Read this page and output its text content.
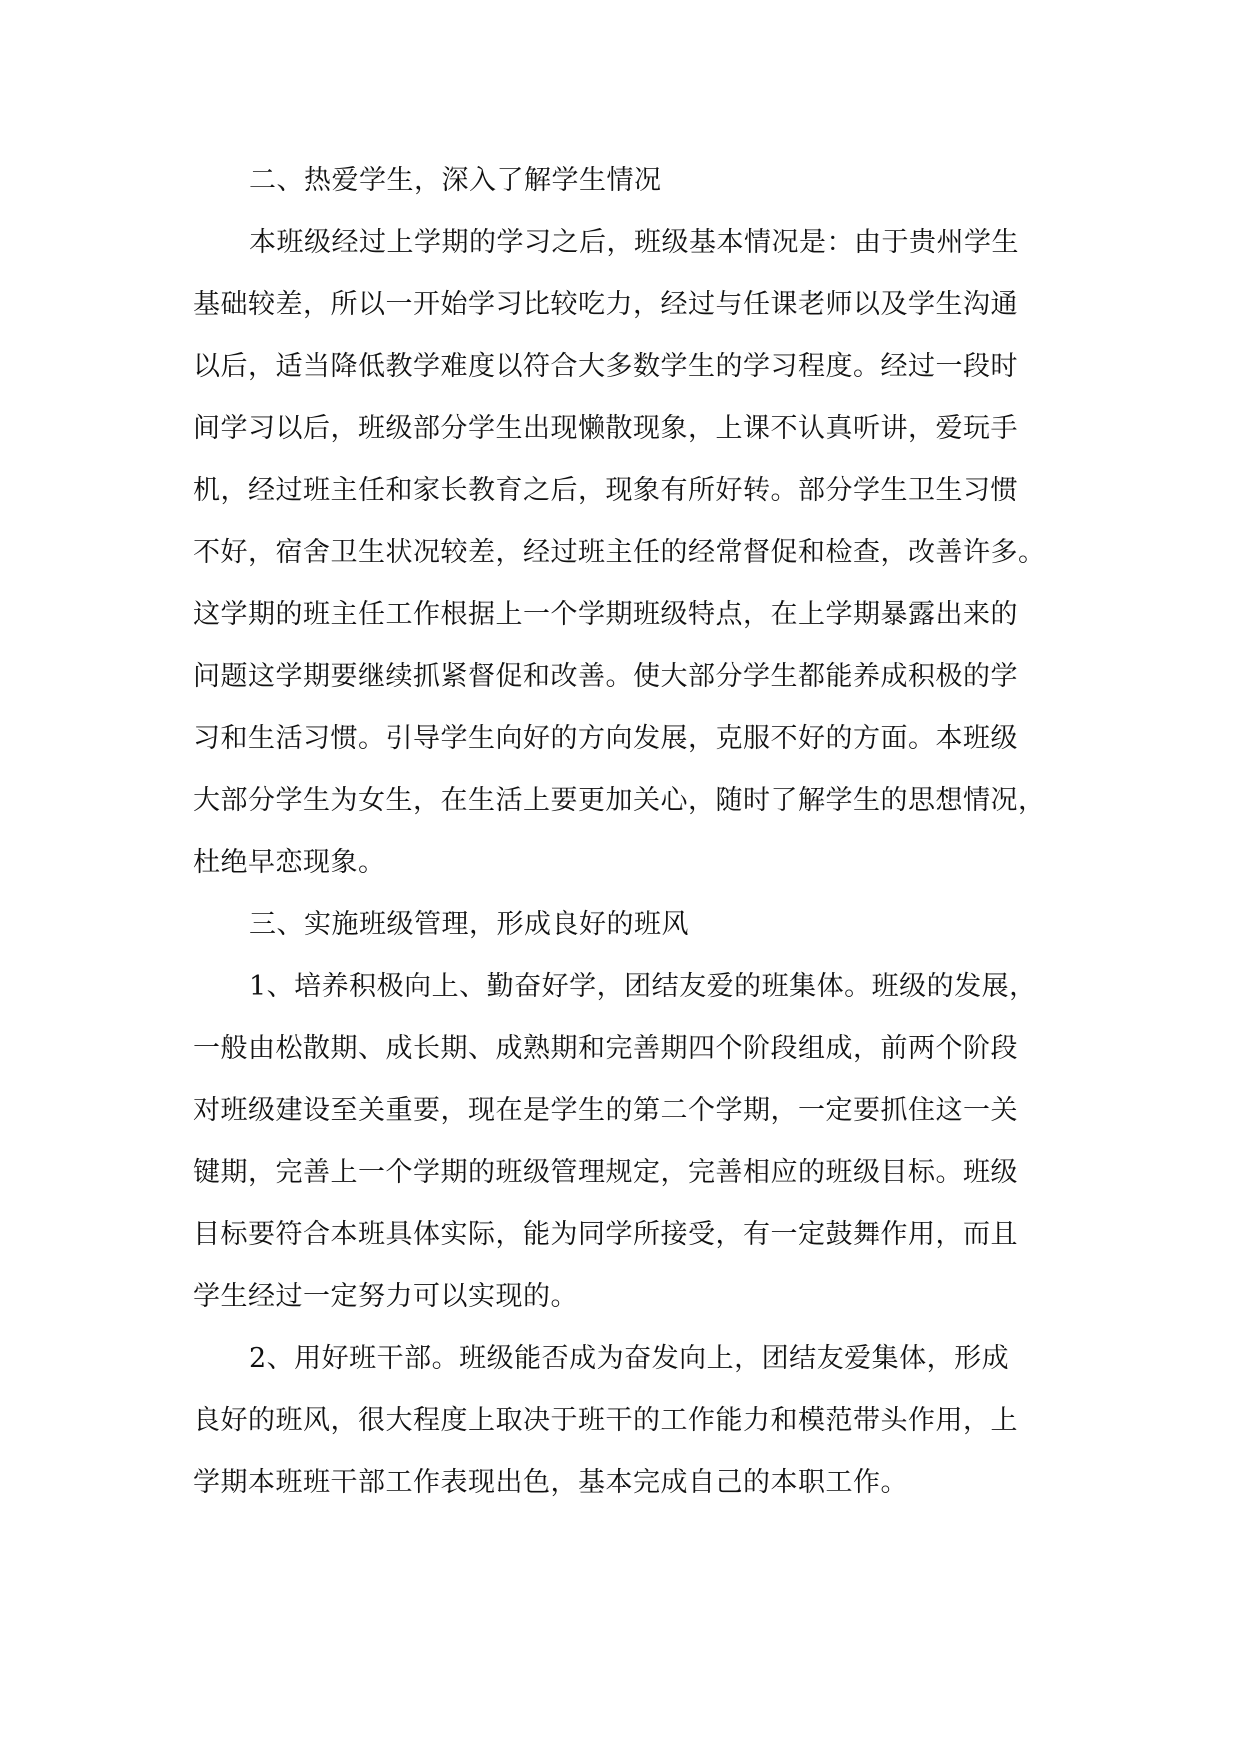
二、热爱学生，深入了解学生情况
本班级经过上学期的学习之后，班级基本情况是：由于贵州学生
基础较差，所以一开始学习比较吃力，经过与任课老师以及学生沟通
以后，适当降低教学难度以符合大多数学生的学习程度。经过一段时
间学习以后，班级部分学生出现懒散现象，上课不认真听讲，爱玩手
机，经过班主任和家长教育之后，现象有所好转。部分学生卫生习惯
不好，宿舍卫生状况较差，经过班主任的经常督促和检查，改善许多。
这学期的班主任工作根据上一个学期班级特点，在上学期暴露出来的
问题这学期要继续抓紧督促和改善。使大部分学生都能养成积极的学
习和生活习惯。引导学生向好的方向发展，克服不好的方面。本班级
大部分学生为女生，在生活上要更加关心，随时了解学生的思想情况，
杜绝早恋现象。
三、实施班级管理，形成良好的班风
1、培养积极向上、勤奋好学，团结友爱的班集体。班级的发展，
一般由松散期、成长期、成熟期和完善期四个阶段组成，前两个阶段
对班级建设至关重要，现在是学生的第二个学期，一定要抓住这一关
键期，完善上一个学期的班级管理规定，完善相应的班级目标。班级
目标要符合本班具体实际，能为同学所接受，有一定鼓舞作用，而且
学生经过一定努力可以实现的。
2、用好班干部。班级能否成为奋发向上，团结友爱集体，形成
良好的班风，很大程度上取决于班干的工作能力和模范带头作用，上
学期本班班干部工作表现出色，基本完成自己的本职工作。
